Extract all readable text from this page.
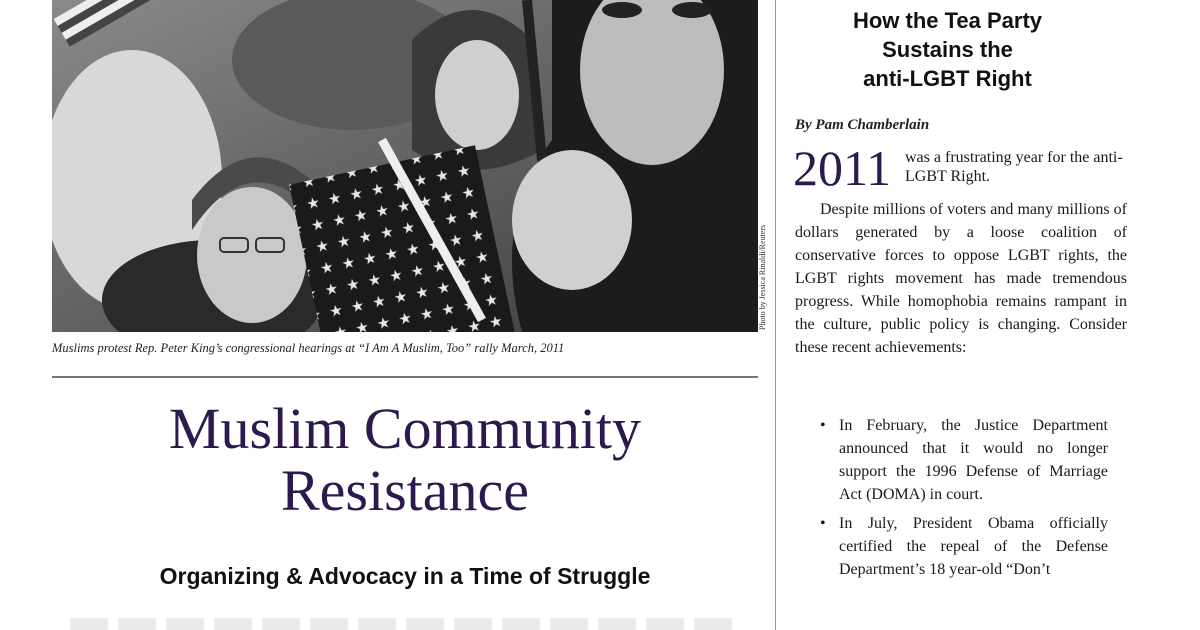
Photo by Jessica Rinaldi/Reuters
Muslims protest Rep. Peter King’s congressional hearings at “I Am A Muslim, Too” rally March, 2011
Muslim Community
Resistance
Organizing & Advocacy in a Time of Struggle
How the Tea Party
Sustains the
anti-LGBT Right
By Pam Chamberlain
2011 was a frustrating year for the anti-LGBT Right.

Despite millions of voters and many millions of dollars generated by a loose coalition of conservative forces to oppose LGBT rights, the LGBT rights movement has made tremendous progress. While homophobia remains rampant in the culture, public policy is changing. Consider these recent achievements:

• In February, the Justice Department announced that it would no longer support the 1996 Defense of Marriage Act (DOMA) in court.
• In July, President Obama officially certified the repeal of the Defense Department’s 18 year-old “Don’t
